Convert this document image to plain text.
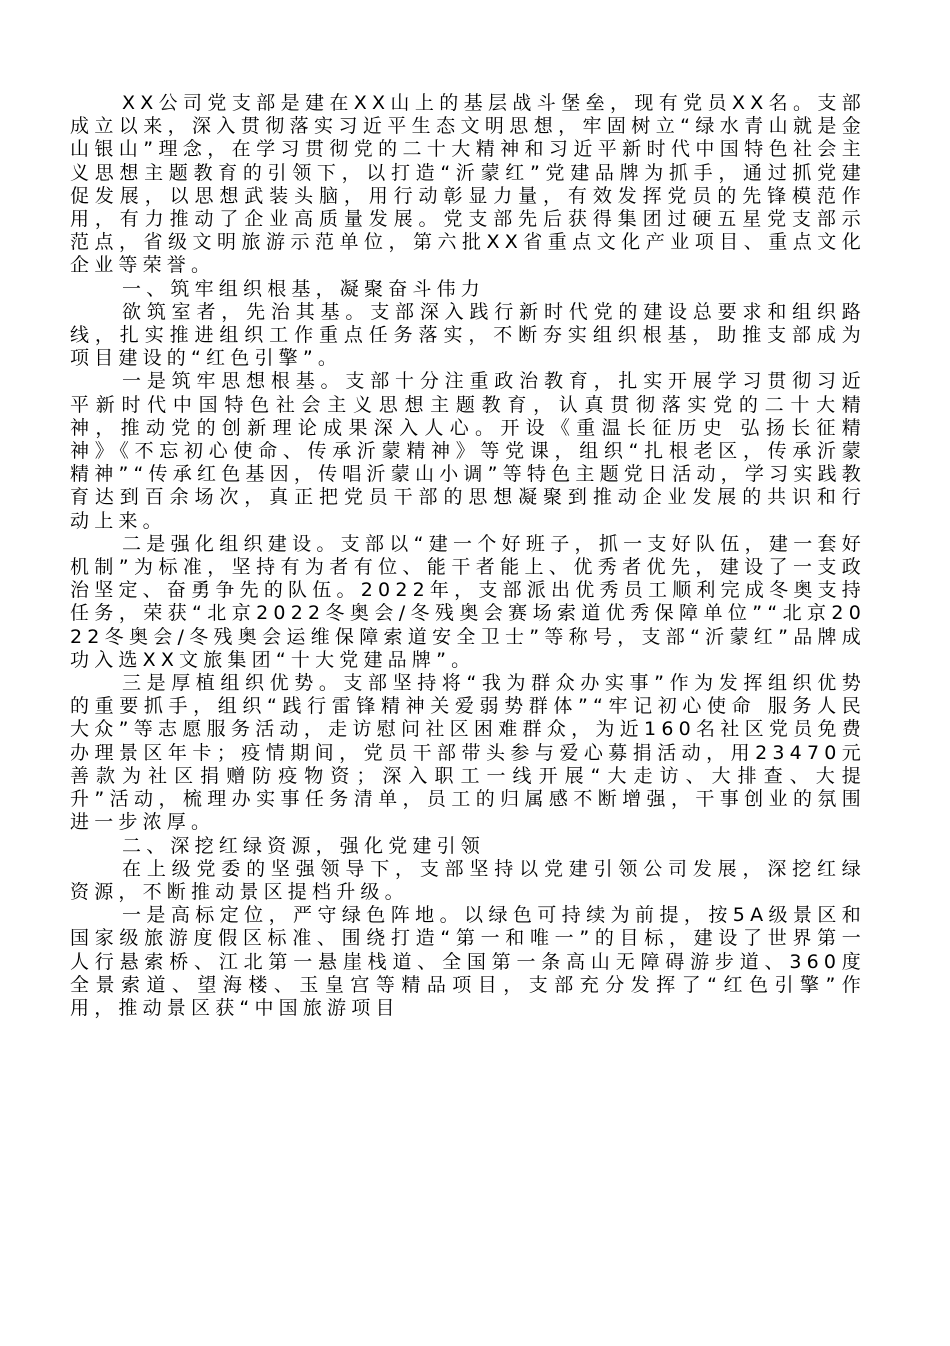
XX公司党支部是建在XX山上的基层战斗堡垒，现有党员XX名。支部成立以来，深入贯彻落实习近平生态文明思想，牢固树立“绿水青山就是金山银山”理念，在学习贯彻党的二十大精神和习近平新时代中国特色社会主义思想主题教育的引领下，以打造“沂蒙红”党建品牌为抓手，通过抓党建促发展，以思想武装头脑，用行动彰显力量，有效发挥党员的先锋模范作用，有力推动了企业高质量发展。党支部先后获得集团过硬五星党支部示范点，省级文明旅游示范单位，第六批XX省重点文化产业项目、重点文化企业等荣誉。

一、筑牢组织根基，凝聚奋斗伟力

欲筑室者，先治其基。支部深入践行新时代党的建设总要求和组织路线，扎实推进组织工作重点任务落实，不断夯实组织根基，助推支部成为项目建设的“红色引擎”。

一是筑牢思想根基。支部十分注重政治教育，扎实开展学习贯彻习近平新时代中国特色社会主义思想主题教育，认真贯彻落实党的二十大精神，推动党的创新理论成果深入人心。开设《重温长征历史 弘扬长征精神》《不忘初心使命、传承沂蒙精神》等党课，组织“扎根老区，传承沂蒙精神”“传承红色基因，传唱沂蒙山小调”等特色主题党日活动，学习实践教育达到百余场次，真正把党员干部的思想凝聚到推动企业发展的共识和行动上来。

二是强化组织建设。支部以“建一个好班子，抓一支好队伍，建一套好机制”为标准，坚持有为者有位、能干者能上、优秀者优先，建设了一支政治坚定、奋勇争先的队伍。2022年，支部派出优秀员工顺利完成冬奥支持任务，荣获“北京2022冬奥会/冬残奥会赛场索道优秀保障单位”“北京2022冬奥会/冬残奥会运维保障索道安全卫士”等称号，支部“沂蒙红”品牌成功入选XX文旅集团“十大党建品牌”。

三是厚植组织优势。支部坚持将“我为群众办实事”作为发挥组织优势的重要抓手，组织“践行雷锋精神关爱弱势群体”“牢记初心使命 服务人民大众”等志愿服务活动，走访慰问社区困难群众，为近160名社区党员免费办理景区年卡；疫情期间，党员干部带头参与爱心募捐活动，用23470元善款为社区捐赠防疫物资；深入职工一线开展“大走访、大排查、大提升”活动，梳理办实事任务清单，员工的归属感不断增强，干事创业的氛围进一步浓厚。

二、深挖红绿资源，强化党建引领

在上级党委的坚强领导下，支部坚持以党建引领公司发展，深挖红绿资源，不断推动景区提档升级。

一是高标定位，严守绿色阵地。以绿色可持续为前提，按5A级景区和国家级旅游度假区标准、围绕打造“第一和唯一”的目标，建设了世界第一人行悬索桥、江北第一悬崖栈道、全国第一条高山无障碍游步道、360度全景索道、望海楼、玉皇宫等精品项目，支部充分发挥了“红色引擎”作用，推动景区获“中国旅游项目
